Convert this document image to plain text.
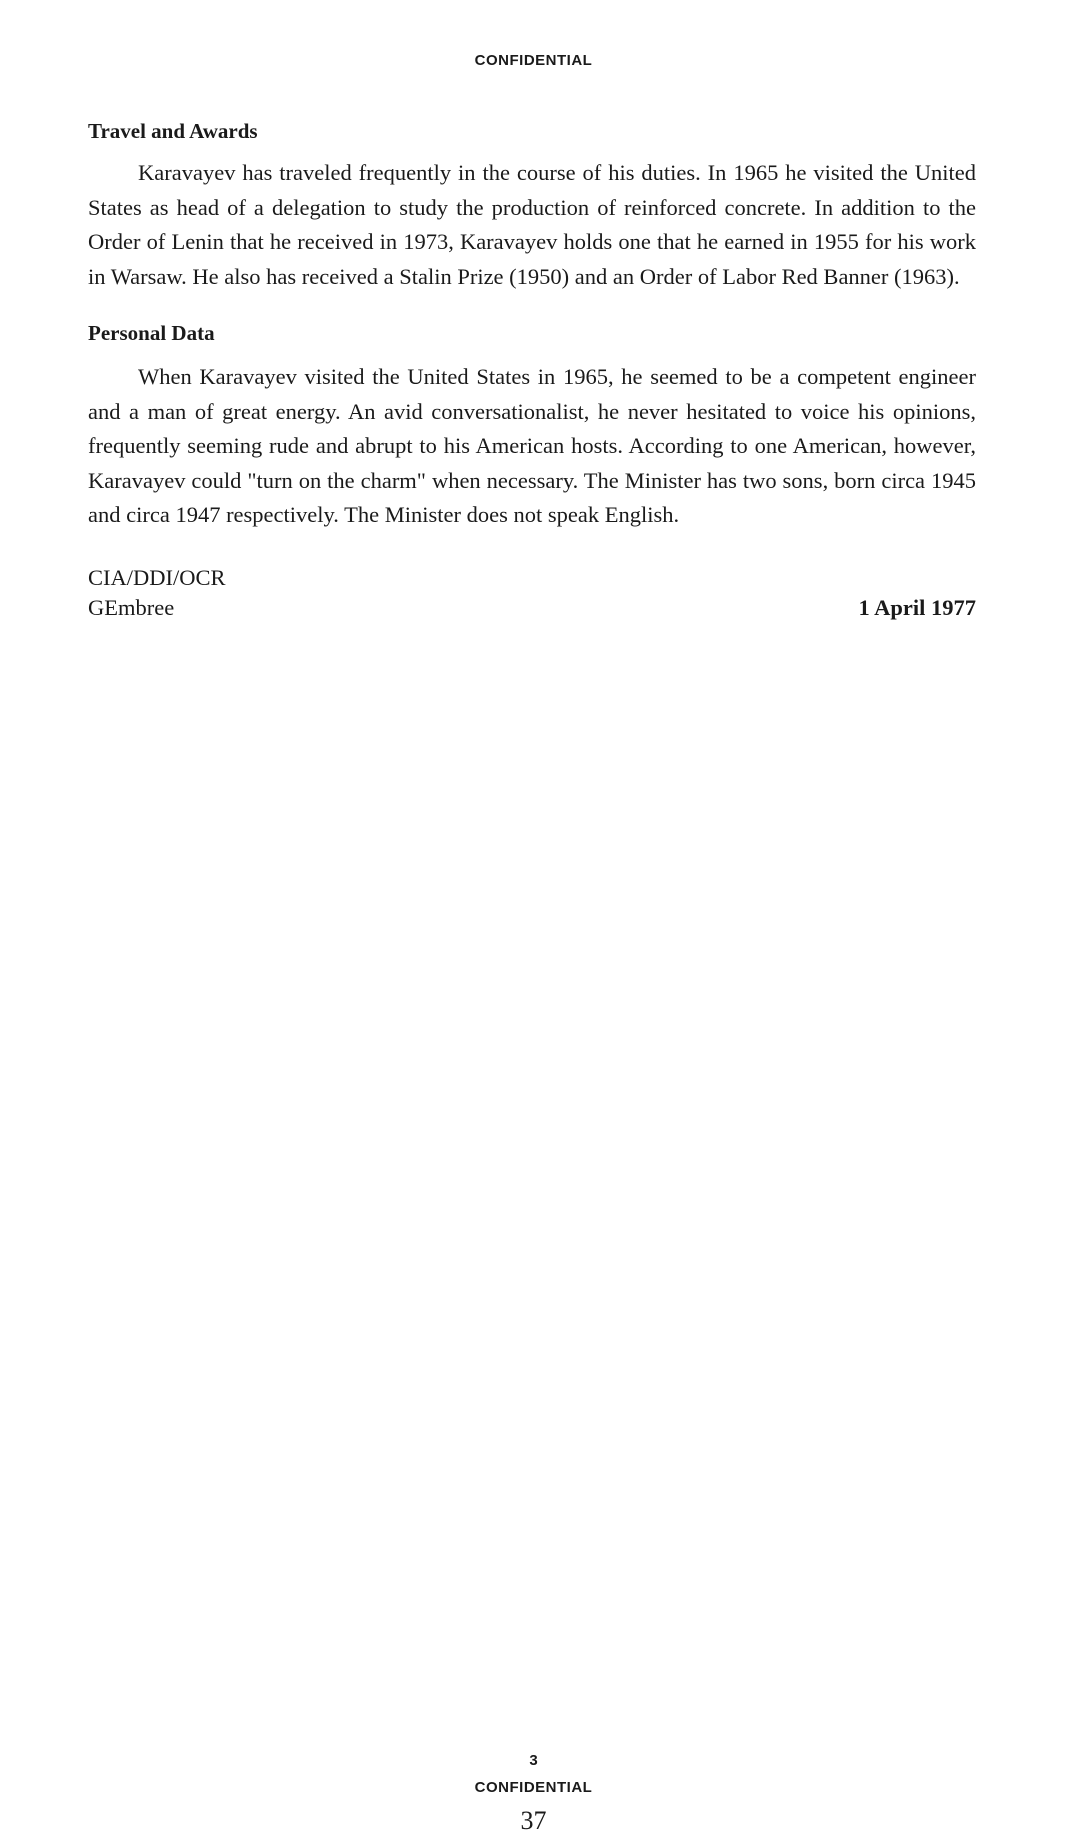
CONFIDENTIAL
Travel and Awards

Karavayev has traveled frequently in the course of his duties. In 1965 he visited the United States as head of a delegation to study the production of reinforced concrete. In addition to the Order of Lenin that he received in 1973, Karavayev holds one that he earned in 1955 for his work in Warsaw. He also has received a Stalin Prize (1950) and an Order of Labor Red Banner (1963).

Personal Data

When Karavayev visited the United States in 1965, he seemed to be a competent engineer and a man of great energy. An avid conversationalist, he never hesitated to voice his opinions, frequently seeming rude and abrupt to his American hosts. According to one American, however, Karavayev could "turn on the charm" when necessary. The Minister has two sons, born circa 1945 and circa 1947 respectively. The Minister does not speak English.

CIA/DDI/OCR
GEmbree	1 April 1977
3
CONFIDENTIAL
37
